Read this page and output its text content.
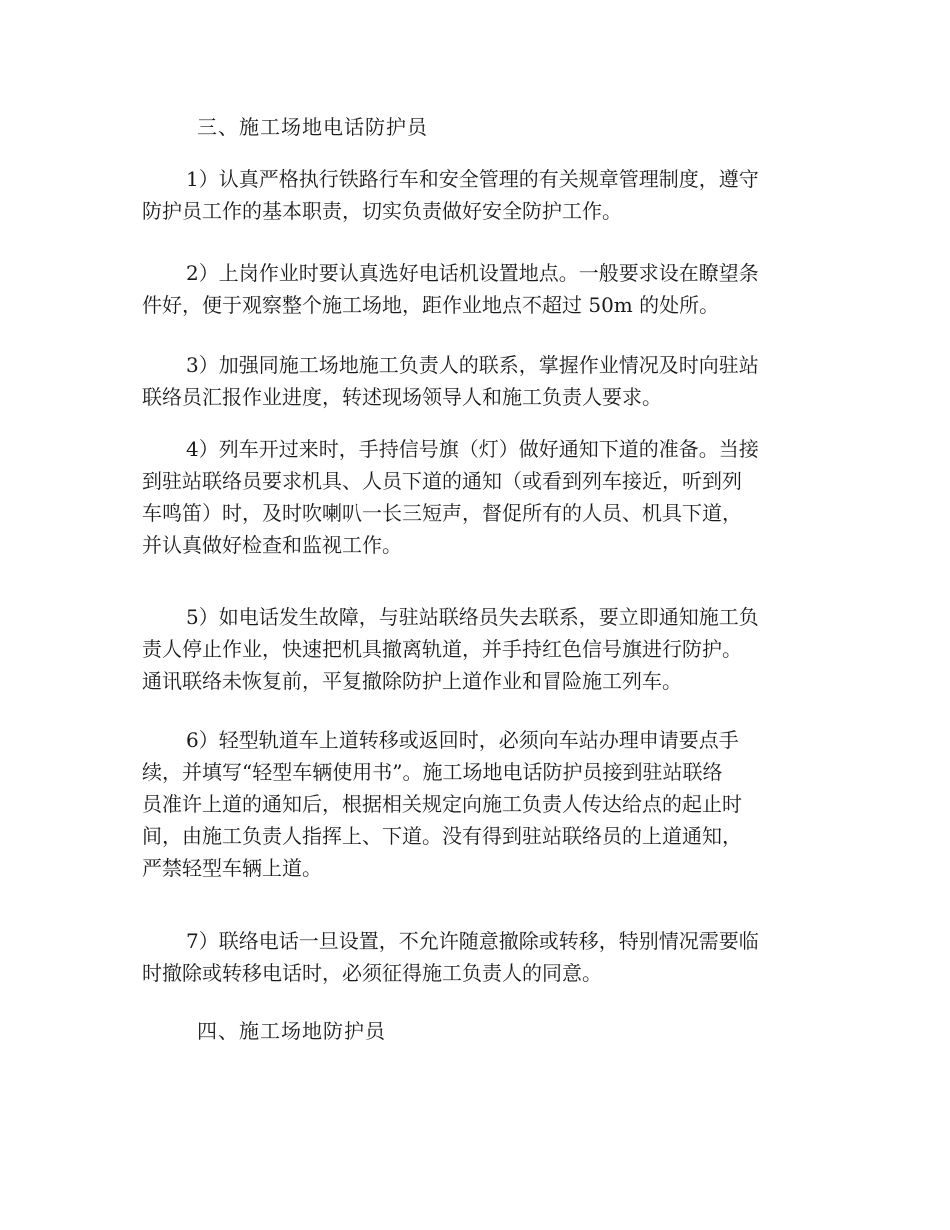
三、施工场地电话防护员
1）认真严格执行铁路行车和安全管理的有关规章管理制度，遵守
防护员工作的基本职责，切实负责做好安全防护工作。
2）上岗作业时要认真选好电话机设置地点。一般要求设在瞭望条
件好，便于观察整个施工场地，距作业地点不超过 50m 的处所。
3）加强同施工场地施工负责人的联系，掌握作业情况及时向驻站
联络员汇报作业进度，转述现场领导人和施工负责人要求。
4）列车开过来时，手持信号旗（灯）做好通知下道的准备。当接
到驻站联络员要求机具、人员下道的通知（或看到列车接近，听到列
车鸣笛）时，及时吹喇叭一长三短声，督促所有的人员、机具下道，
并认真做好检查和监视工作。
5）如电话发生故障，与驻站联络员失去联系，要立即通知施工负
责人停止作业，快速把机具撤离轨道，并手持红色信号旗进行防护。
通讯联络未恢复前，平复撤除防护上道作业和冒险施工列车。
6）轻型轨道车上道转移或返回时，必须向车站办理申请要点手
续，并填写“轻型车辆使用书”。施工场地电话防护员接到驻站联络
员准许上道的通知后，根据相关规定向施工负责人传达给点的起止时
间，由施工负责人指挥上、下道。没有得到驻站联络员的上道通知，
严禁轻型车辆上道。
7）联络电话一旦设置，不允许随意撤除或转移，特别情况需要临
时撤除或转移电话时，必须征得施工负责人的同意。
四、施工场地防护员
